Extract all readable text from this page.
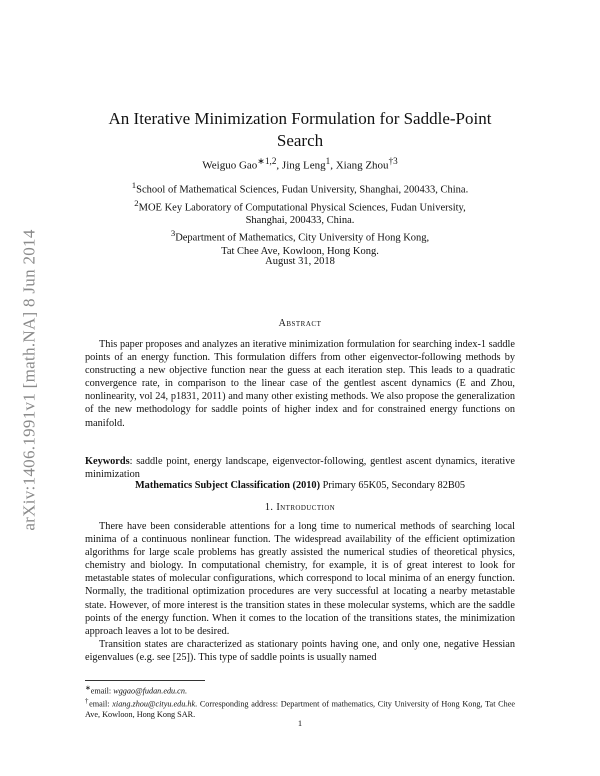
arXiv:1406.1991v1 [math.NA] 8 Jun 2014
An Iterative Minimization Formulation for Saddle-Point Search
Weiguo Gao$^{∗1,2}$, Jing Leng$^1$, Xiang Zhou$^{\dagger 3}$
$^1$School of Mathematical Sciences, Fudan University, Shanghai, 200433, China.
$^2$MOE Key Laboratory of Computational Physical Sciences, Fudan University,
Shanghai, 200433, China.
$^3$Department of Mathematics, City University of Hong Kong,
Tat Chee Ave, Kowloon, Hong Kong.
August 31, 2018
Abstract
This paper proposes and analyzes an iterative minimization formulation for searching index-1 saddle points of an energy function. This formulation differs from other eigenvector-following methods by constructing a new objective function near the guess at each iteration step. This leads to a quadratic convergence rate, in comparison to the linear case of the gentlest ascent dynamics (E and Zhou, nonlinearity, vol 24, p1831, 2011) and many other existing methods. We also propose the generalization of the new methodology for saddle points of higher index and for constrained energy functions on manifold.
Keywords: saddle point, energy landscape, eigenvector-following, gentlest ascent dynamics, iterative minimization
Mathematics Subject Classification (2010) Primary 65K05, Secondary 82B05
1. Introduction

There have been considerable attentions for a long time to numerical methods of searching local minima of a continuous nonlinear function. The widespread availability of the efficient optimization algorithms for large scale problems has greatly assisted the numerical studies of theoretical physics, chemistry and biology. In computational chemistry, for example, it is of great interest to look for metastable states of molecular configurations, which correspond to local minima of an energy function. Normally, the traditional optimization procedures are very successful at locating a nearby metastable state. However, of more interest is the transition states in these molecular systems, which are the saddle points of the energy function. When it comes to the location of the transitions states, the minimization approach leaves a lot to be desired.

Transition states are characterized as stationary points having one, and only one, negative Hessian eigenvalues (e.g. see [25]). This type of saddle points is usually named

∗email: wggao@fudan.edu.cn.

†email: xiang.zhou@cityu.edu.hk. Corresponding address: Department of mathematics, City University of Hong Kong, Tat Chee Ave, Kowloon, Hong Kong SAR.

1
